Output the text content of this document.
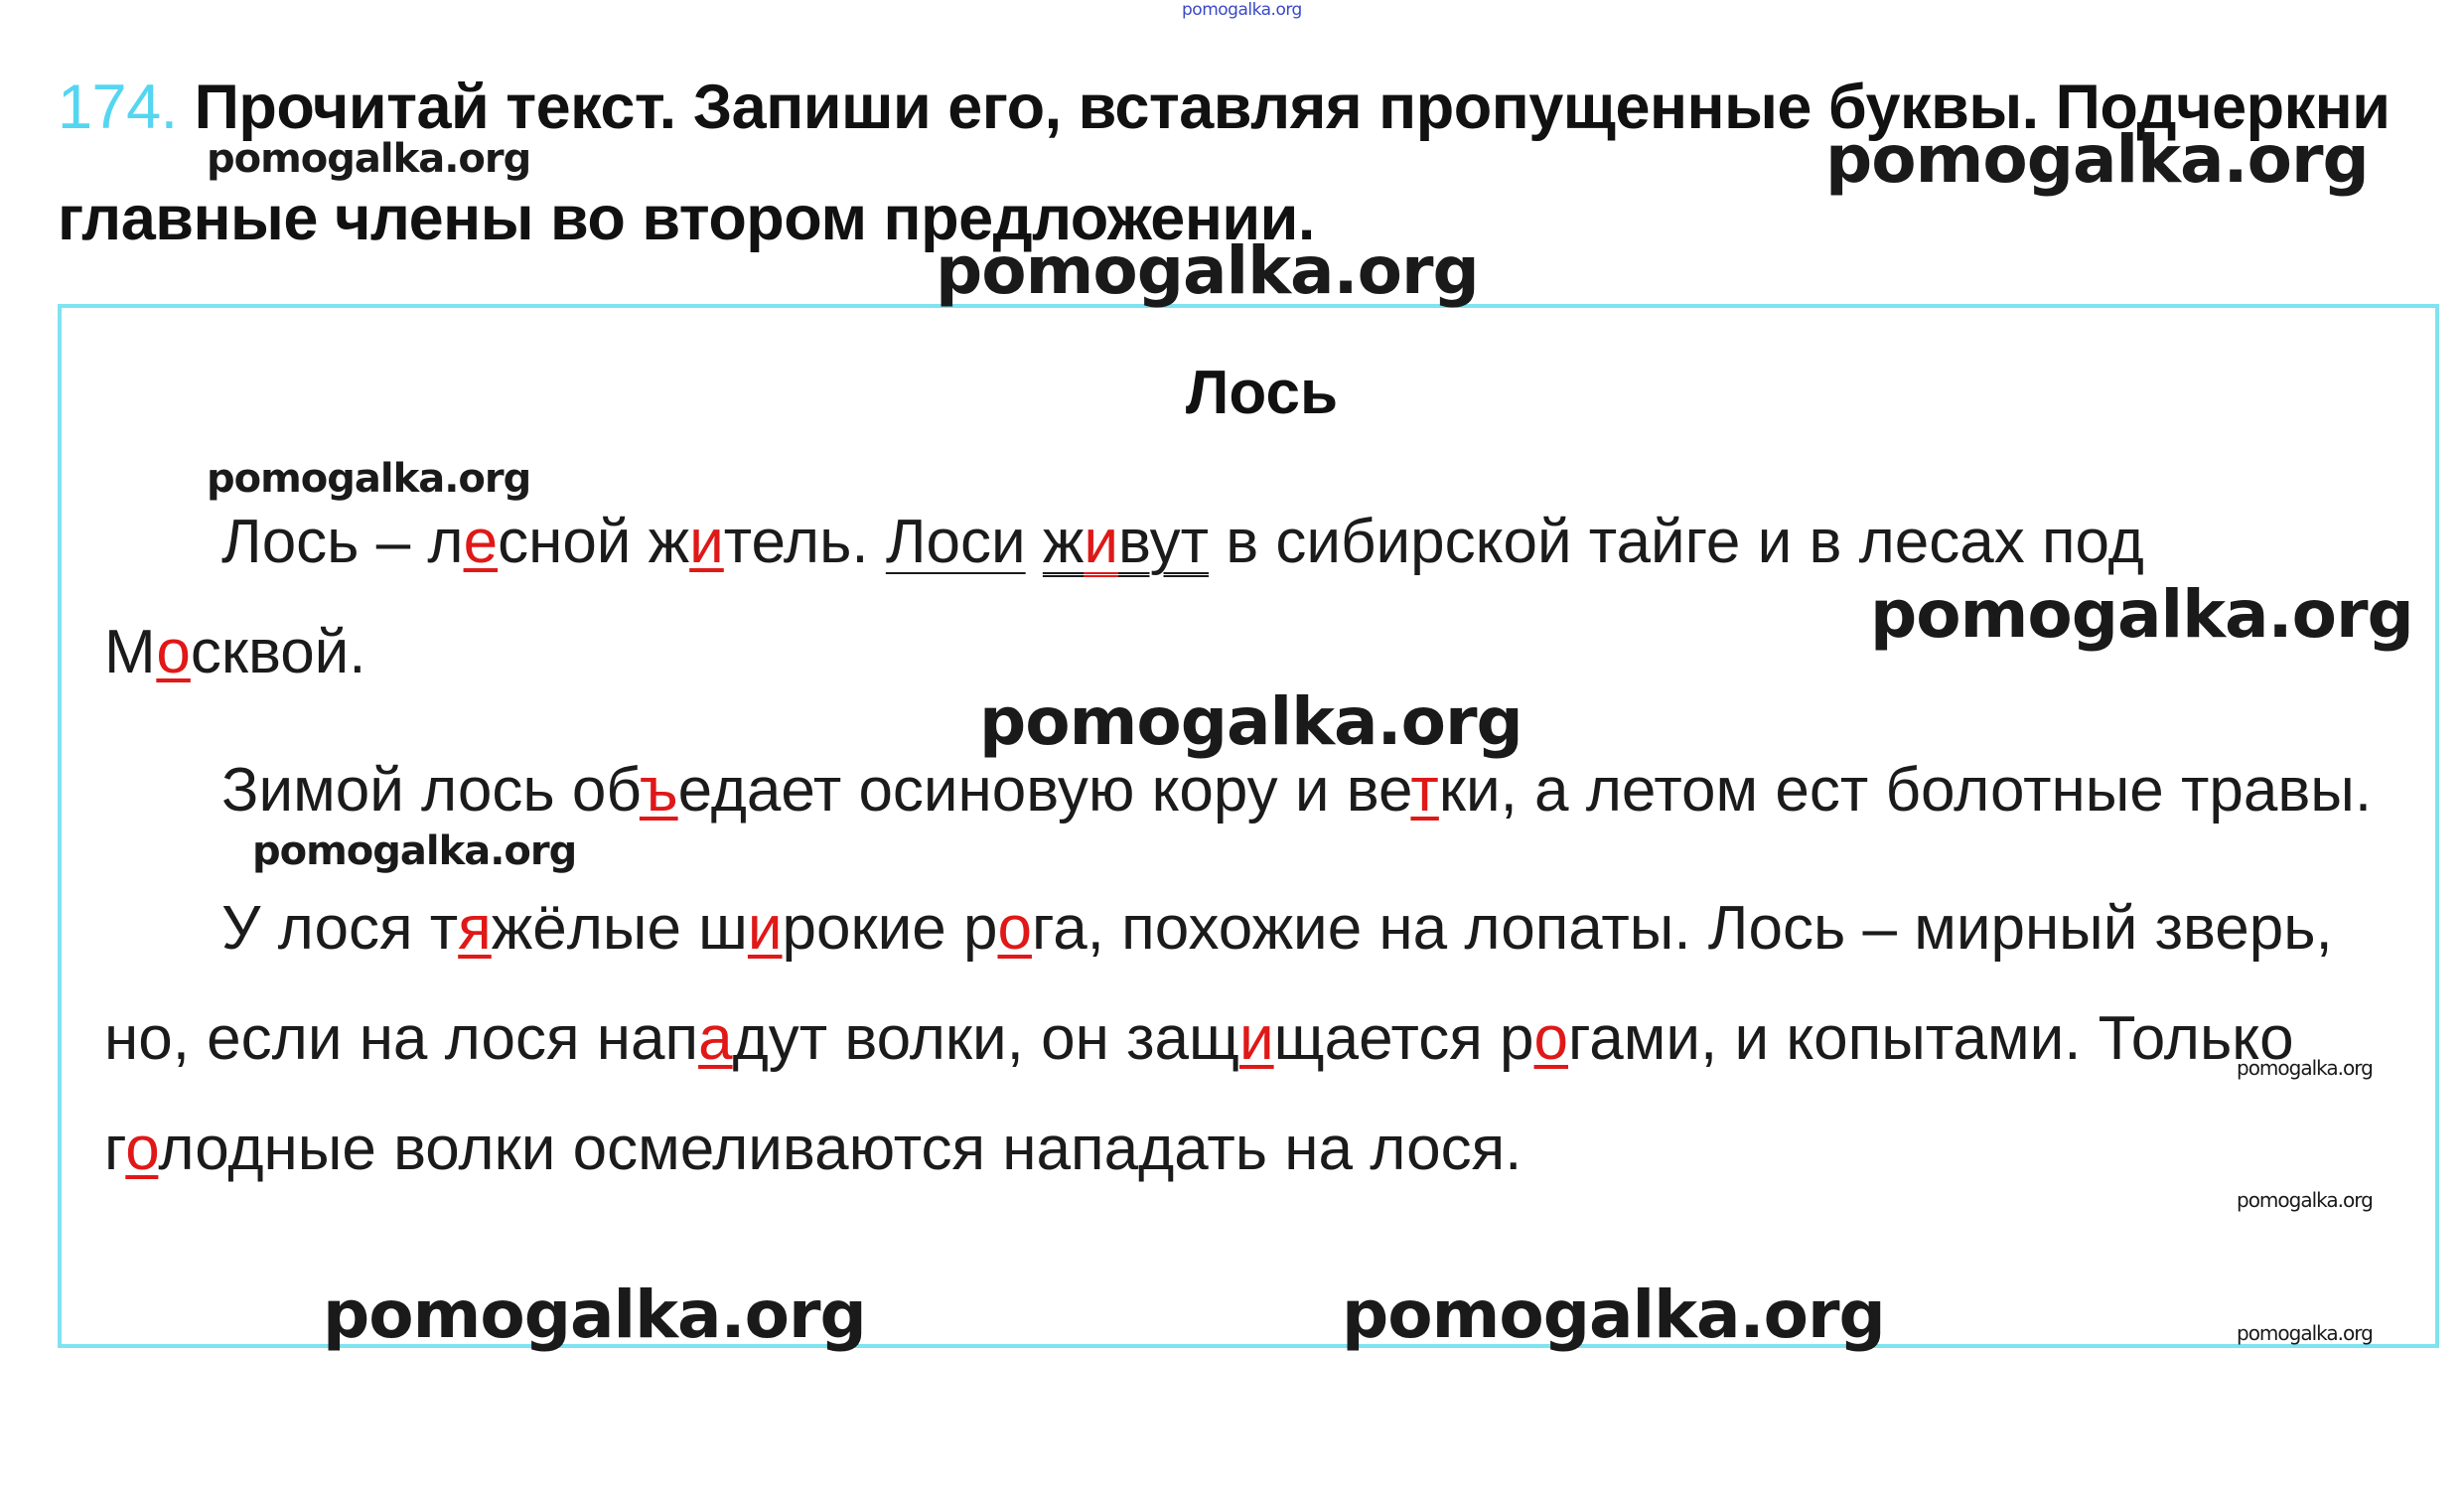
pomogalka.org
174. Прочитай текст. Запиши его, вставляя пропущенные буквы. Подчеркни главные члены во втором предложении.
Лось

Лось – лесной житель. Лоси живут в сибирской тайге и в лесах под Москвой.

Зимой лось объедает осиновую кору и ветки, а летом ест болотные травы.

У лося тяжёлые широкие рога, похожие на лопаты. Лось – мирный зверь, но, если на лося нападут волки, он защищается рогами, и копытами. Только голодные волки осмеливаются нападать на лося.

pomogalka.org	pomogalka.org
pomogalka.org
pomogalka.org
pomogalka.org
pomogalka.org
pomogalka.org
pomogalka.org
pomogalka.org
pomogalka.org	pomogalka.org	pomogalka.org
